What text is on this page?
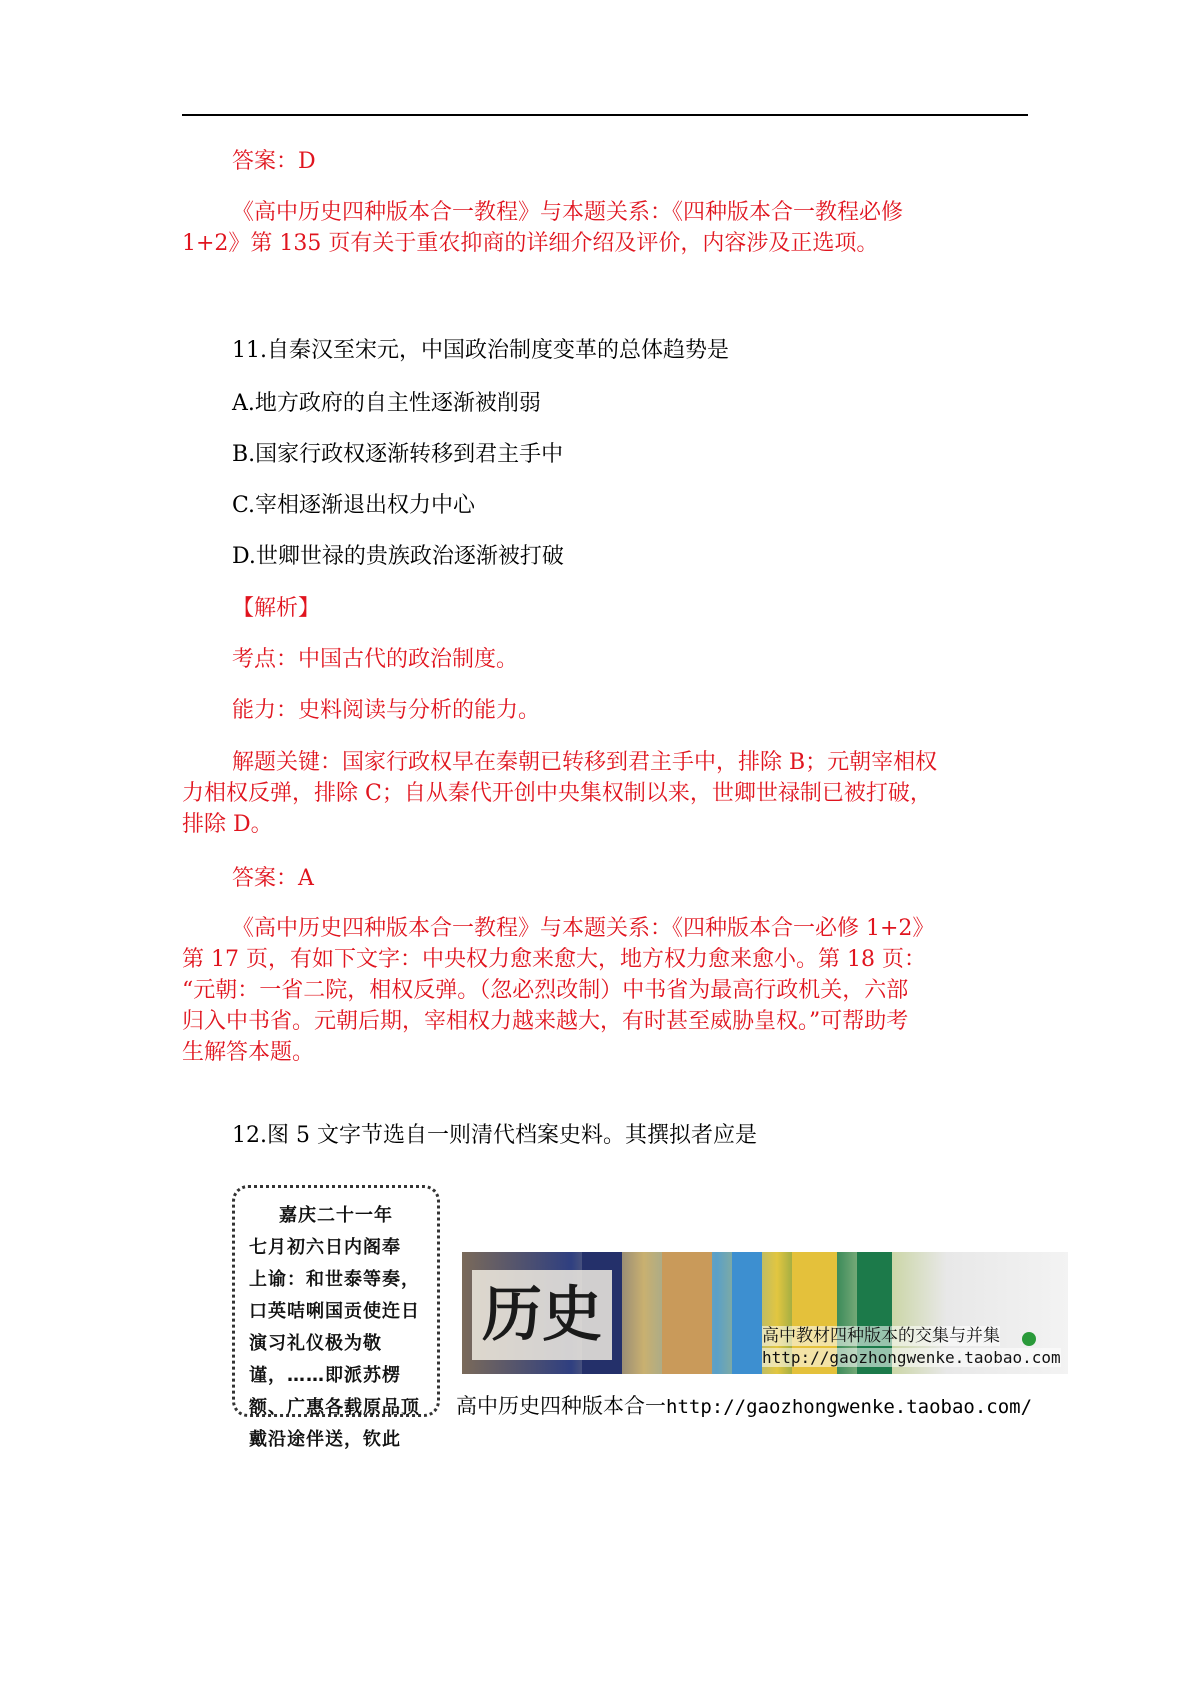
答案：D
《高中历史四种版本合一教程》与本题关系：《四种版本合一教程必修
1+2》第 135 页有关于重农抑商的详细介绍及评价，内容涉及正选项。
11.自秦汉至宋元，中国政治制度变革的总体趋势是
A.地方政府的自主性逐渐被削弱
B.国家行政权逐渐转移到君主手中
C.宰相逐渐退出权力中心
D.世卿世禄的贵族政治逐渐被打破
【解析】
考点：中国古代的政治制度。
能力：史料阅读与分析的能力。
解题关键：国家行政权早在秦朝已转移到君主手中，排除 B；元朝宰相权
力相权反弹，排除 C；自从秦代开创中央集权制以来，世卿世禄制已被打破，
排除 D。
答案：A
《高中历史四种版本合一教程》与本题关系：《四种版本合一必修 1+2》
第 17 页，有如下文字：中央权力愈来愈大，地方权力愈来愈小。第 18 页：
“元朝：一省二院，相权反弹。（忽必烈改制）中书省为最高行政机关，六部
归入中书省。元朝后期，宰相权力越来越大，有时甚至威胁皇权。”可帮助考
生解答本题。
12.图 5 文字节选自一则清代档案史料。其撰拟者应是
嘉庆二十一年
七月初六日内阁奉
上谕：和世泰等奏，
口英咭唎国贡使迕日
演习礼仪极为敬
谨，……即派苏楞
额、广惠各载原品顶
戴沿途伴送，钦此
历史	高中教材四种版本的交集与并集
http://gaozhongwenke.taobao.com
高中历史四种版本合一http://gaozhongwenke.taobao.com/
